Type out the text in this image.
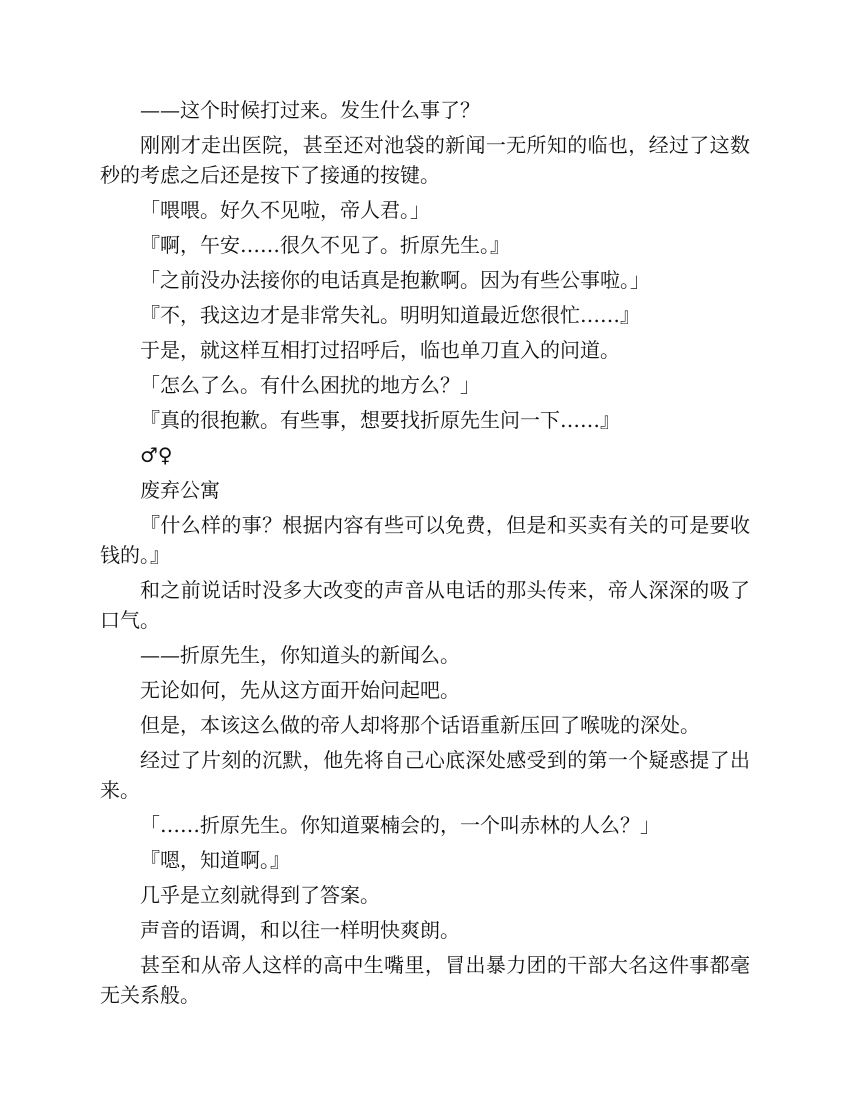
——这个时候打过来。发生什么事了？

刚刚才走出医院，甚至还对池袋的新闻一无所知的临也，经过了这数秒的考虑之后还是按下了接通的按键。

「喂喂。好久不见啦，帝人君。」

『啊，午安……很久不见了。折原先生。』

「之前没办法接你的电话真是抱歉啊。因为有些公事啦。」

『不，我这边才是非常失礼。明明知道最近您很忙……』

于是，就这样互相打过招呼后，临也单刀直入的问道。

「怎么了么。有什么困扰的地方么？」

『真的很抱歉。有些事，想要找折原先生问一下……』

♂♀

废弃公寓

『什么样的事？根据内容有些可以免费，但是和买卖有关的可是要收钱的。』

和之前说话时没多大改变的声音从电话的那头传来，帝人深深的吸了口气。

——折原先生，你知道头的新闻么。

无论如何，先从这方面开始问起吧。

但是，本该这么做的帝人却将那个话语重新压回了喉咙的深处。

经过了片刻的沉默，他先将自己心底深处感受到的第一个疑惑提了出来。

「……折原先生。你知道粟楠会的，一个叫赤林的人么？」

『嗯，知道啊。』

几乎是立刻就得到了答案。

声音的语调，和以往一样明快爽朗。

甚至和从帝人这样的高中生嘴里，冒出暴力团的干部大名这件事都毫无关系般。
